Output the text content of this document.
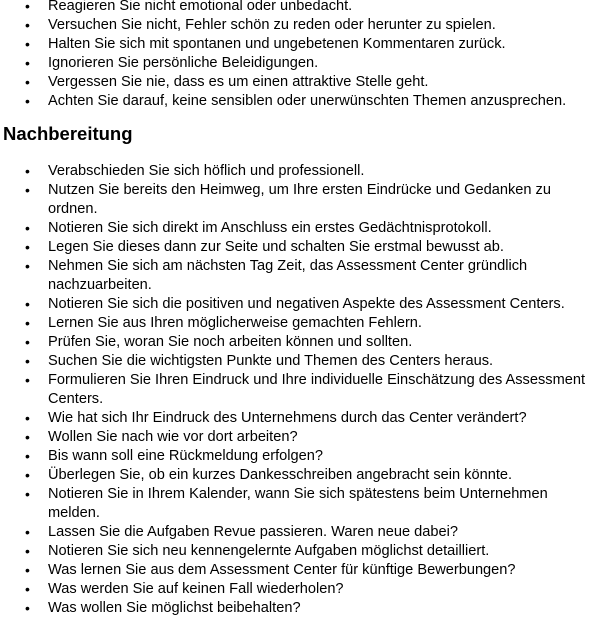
• Reagieren Sie nicht emotional oder unbedacht.
• Versuchen Sie nicht, Fehler schön zu reden oder herunter zu spielen.
• Halten Sie sich mit spontanen und ungebetenen Kommentaren zurück.
• Ignorieren Sie persönliche Beleidigungen.
• Vergessen Sie nie, dass es um einen attraktive Stelle geht.
• Achten Sie darauf, keine sensiblen oder unerwünschten Themen anzusprechen.
Nachbereitung
• Verabschieden Sie sich höflich und professionell.
• Nutzen Sie bereits den Heimweg, um Ihre ersten Eindrücke und Gedanken zu ordnen.
• Notieren Sie sich direkt im Anschluss ein erstes Gedächtnisprotokoll.
• Legen Sie dieses dann zur Seite und schalten Sie erstmal bewusst ab.
• Nehmen Sie sich am nächsten Tag Zeit, das Assessment Center gründlich nachzuarbeiten.
• Notieren Sie sich die positiven und negativen Aspekte des Assessment Centers.
• Lernen Sie aus Ihren möglicherweise gemachten Fehlern.
• Prüfen Sie, woran Sie noch arbeiten können und sollten.
• Suchen Sie die wichtigsten Punkte und Themen des Centers heraus.
• Formulieren Sie Ihren Eindruck und Ihre individuelle Einschätzung des Assessment Centers.
• Wie hat sich Ihr Eindruck des Unternehmens durch das Center verändert?
• Wollen Sie nach wie vor dort arbeiten?
• Bis wann soll eine Rückmeldung erfolgen?
• Überlegen Sie, ob ein kurzes Dankesschreiben angebracht sein könnte.
• Notieren Sie in Ihrem Kalender, wann Sie sich spätestens beim Unternehmen melden.
• Lassen Sie die Aufgaben Revue passieren. Waren neue dabei?
• Notieren Sie sich neu kennengelernte Aufgaben möglichst detailliert.
• Was lernen Sie aus dem Assessment Center für künftige Bewerbungen?
• Was werden Sie auf keinen Fall wiederholen?
• Was wollen Sie möglichst beibehalten?
